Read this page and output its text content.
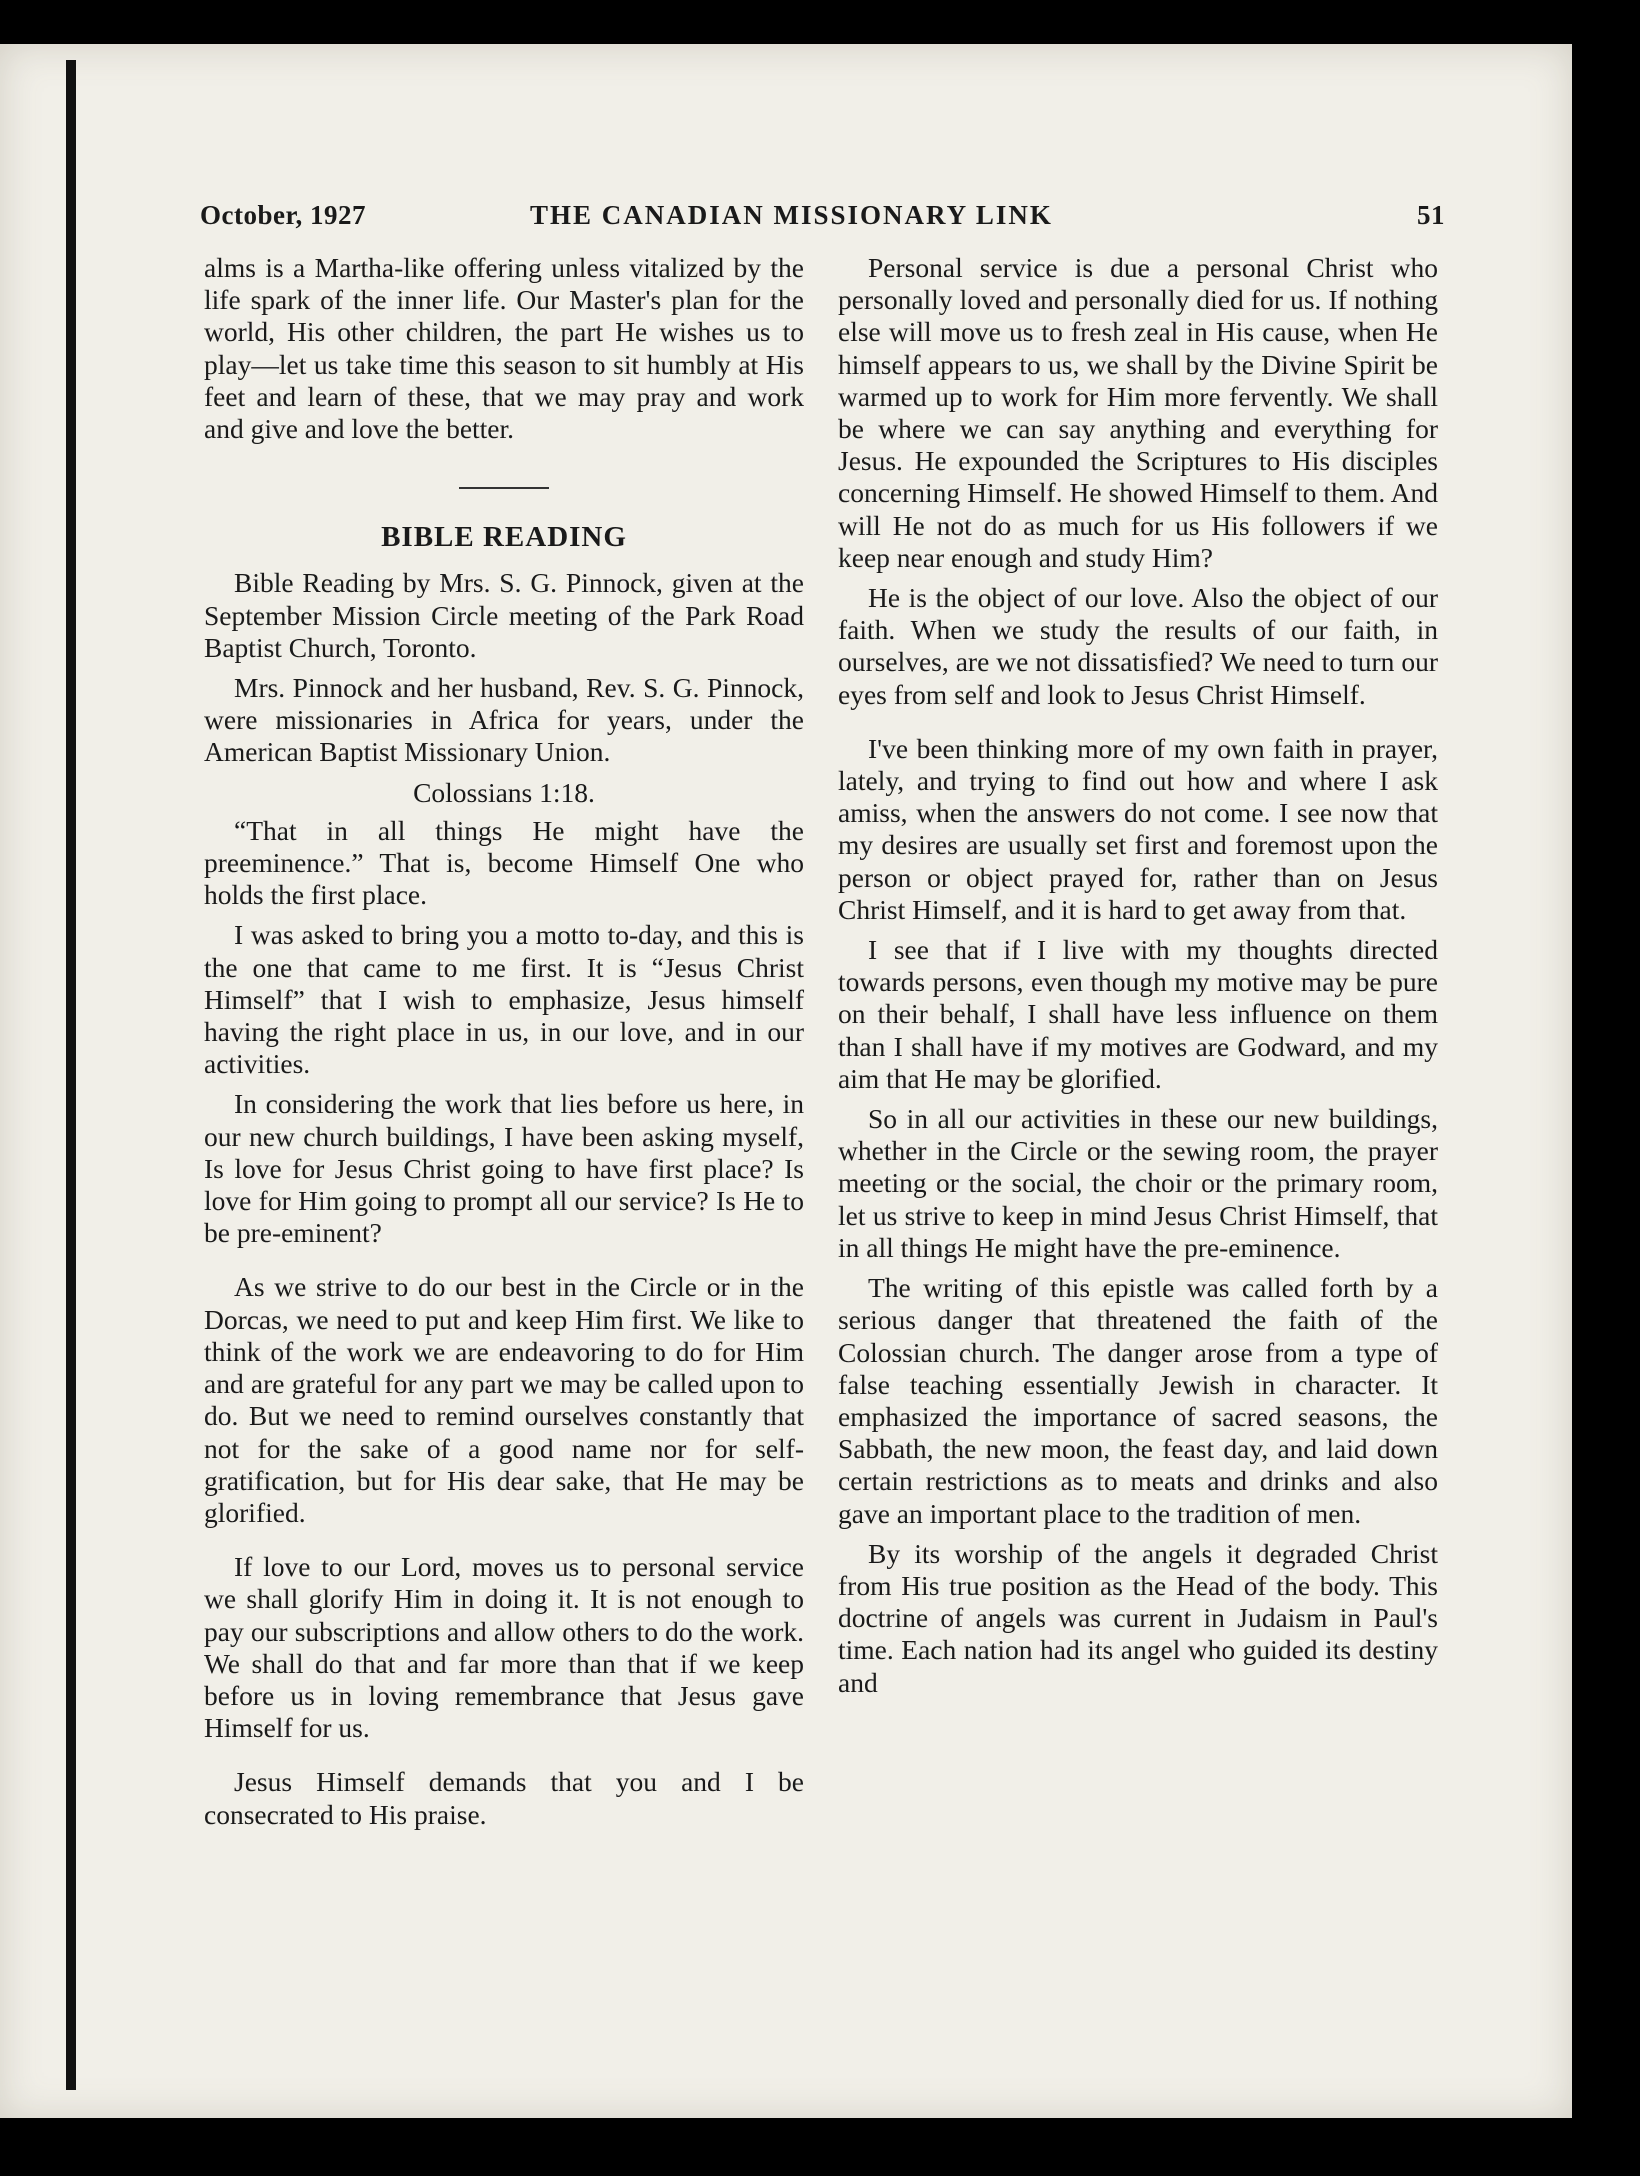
October, 1927	THE CANADIAN MISSIONARY LINK	51

alms is a Martha-like offering unless vitalized by the life spark of the inner life. Our Master's plan for the world, His other children, the part He wishes us to play—let us take time this season to sit humbly at His feet and learn of these, that we may pray and work and give and love the better.

BIBLE READING

Bible Reading by Mrs. S. G. Pinnock, given at the September Mission Circle meeting of the Park Road Baptist Church, Toronto.

Mrs. Pinnock and her husband, Rev. S. G. Pinnock, were missionaries in Africa for years, under the American Baptist Missionary Union.

Colossians 1:18.

“That in all things He might have the preeminence.” That is, become Himself One who holds the first place.

I was asked to bring you a motto to-day, and this is the one that came to me first. It is “Jesus Christ Himself” that I wish to emphasize, Jesus himself having the right place in us, in our love, and in our activities.

In considering the work that lies before us here, in our new church buildings, I have been asking myself, Is love for Jesus Christ going to have first place? Is love for Him going to prompt all our service? Is He to be pre-eminent?

As we strive to do our best in the Circle or in the Dorcas, we need to put and keep Him first. We like to think of the work we are endeavoring to do for Him and are grateful for any part we may be called upon to do. But we need to remind ourselves constantly that not for the sake of a good name nor for self-gratification, but for His dear sake, that He may be glorified.

If love to our Lord, moves us to personal service we shall glorify Him in doing it. It is not enough to pay our subscriptions and allow others to do the work. We shall do that and far more than that if we keep before us in loving remembrance that Jesus gave Himself for us.

Jesus Himself demands that you and I be consecrated to His praise.

Personal service is due a personal Christ who personally loved and personally died for us. If nothing else will move us to fresh zeal in His cause, when He himself appears to us, we shall by the Divine Spirit be warmed up to work for Him more fervently. We shall be where we can say anything and everything for Jesus. He expounded the Scriptures to His disciples concerning Himself. He showed Himself to them. And will He not do as much for us His followers if we keep near enough and study Him?

He is the object of our love. Also the object of our faith. When we study the results of our faith, in ourselves, are we not dissatisfied? We need to turn our eyes from self and look to Jesus Christ Himself.

I've been thinking more of my own faith in prayer, lately, and trying to find out how and where I ask amiss, when the answers do not come. I see now that my desires are usually set first and foremost upon the person or object prayed for, rather than on Jesus Christ Himself, and it is hard to get away from that.

I see that if I live with my thoughts directed towards persons, even though my motive may be pure on their behalf, I shall have less influence on them than I shall have if my motives are Godward, and my aim that He may be glorified.

So in all our activities in these our new buildings, whether in the Circle or the sewing room, the prayer meeting or the social, the choir or the primary room, let us strive to keep in mind Jesus Christ Himself, that in all things He might have the pre-eminence.

The writing of this epistle was called forth by a serious danger that threatened the faith of the Colossian church. The danger arose from a type of false teaching essentially Jewish in character. It emphasized the importance of sacred seasons, the Sabbath, the new moon, the feast day, and laid down certain restrictions as to meats and drinks and also gave an important place to the tradition of men.

By its worship of the angels it degraded Christ from His true position as the Head of the body. This doctrine of angels was current in Judaism in Paul's time. Each nation had its angel who guided its destiny and
